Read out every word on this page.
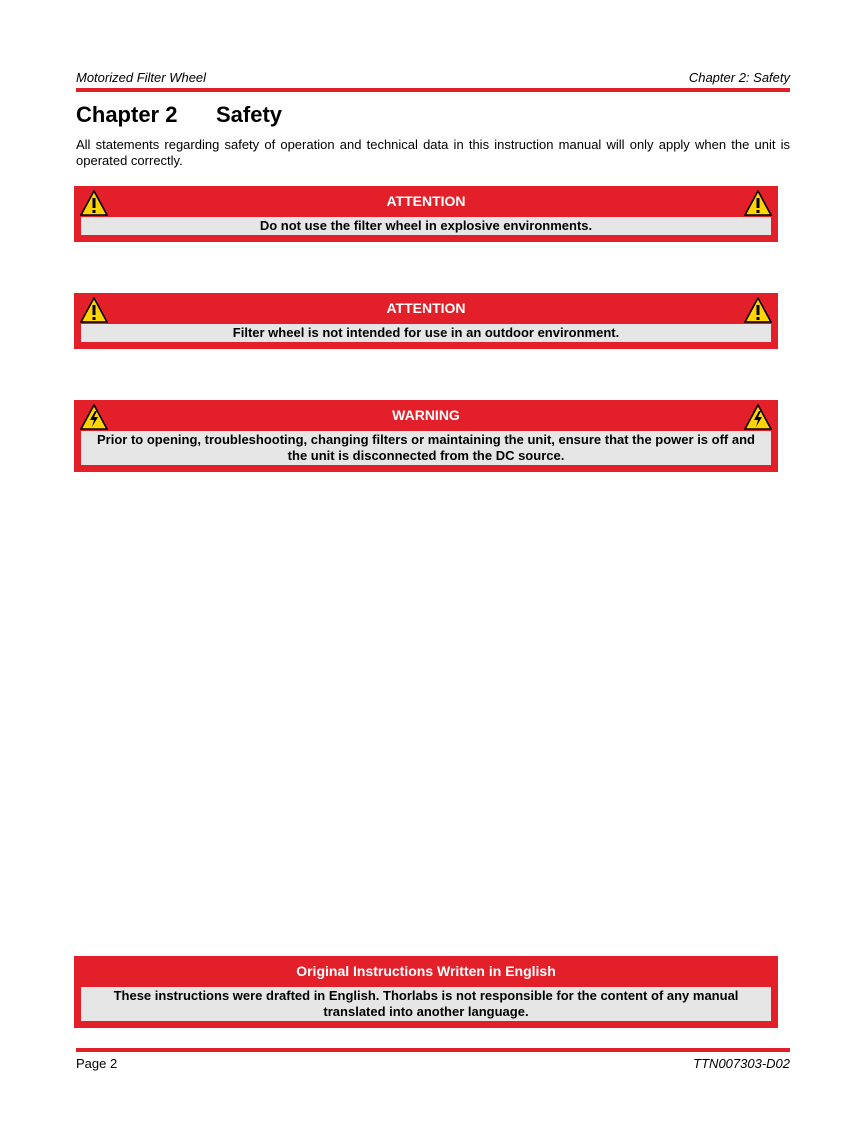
Motorized Filter Wheel	Chapter 2: Safety
Chapter 2 Safety
All statements regarding safety of operation and technical data in this instruction manual will only apply when the unit is operated correctly.
ATTENTION
Do not use the filter wheel in explosive environments.
ATTENTION
Filter wheel is not intended for use in an outdoor environment.
WARNING
Prior to opening, troubleshooting, changing filters or maintaining the unit, ensure that the power is off and the unit is disconnected from the DC source.
Original Instructions Written in English
These instructions were drafted in English. Thorlabs is not responsible for the content of any manual translated into another language.
Page 2	TTN007303-D02
